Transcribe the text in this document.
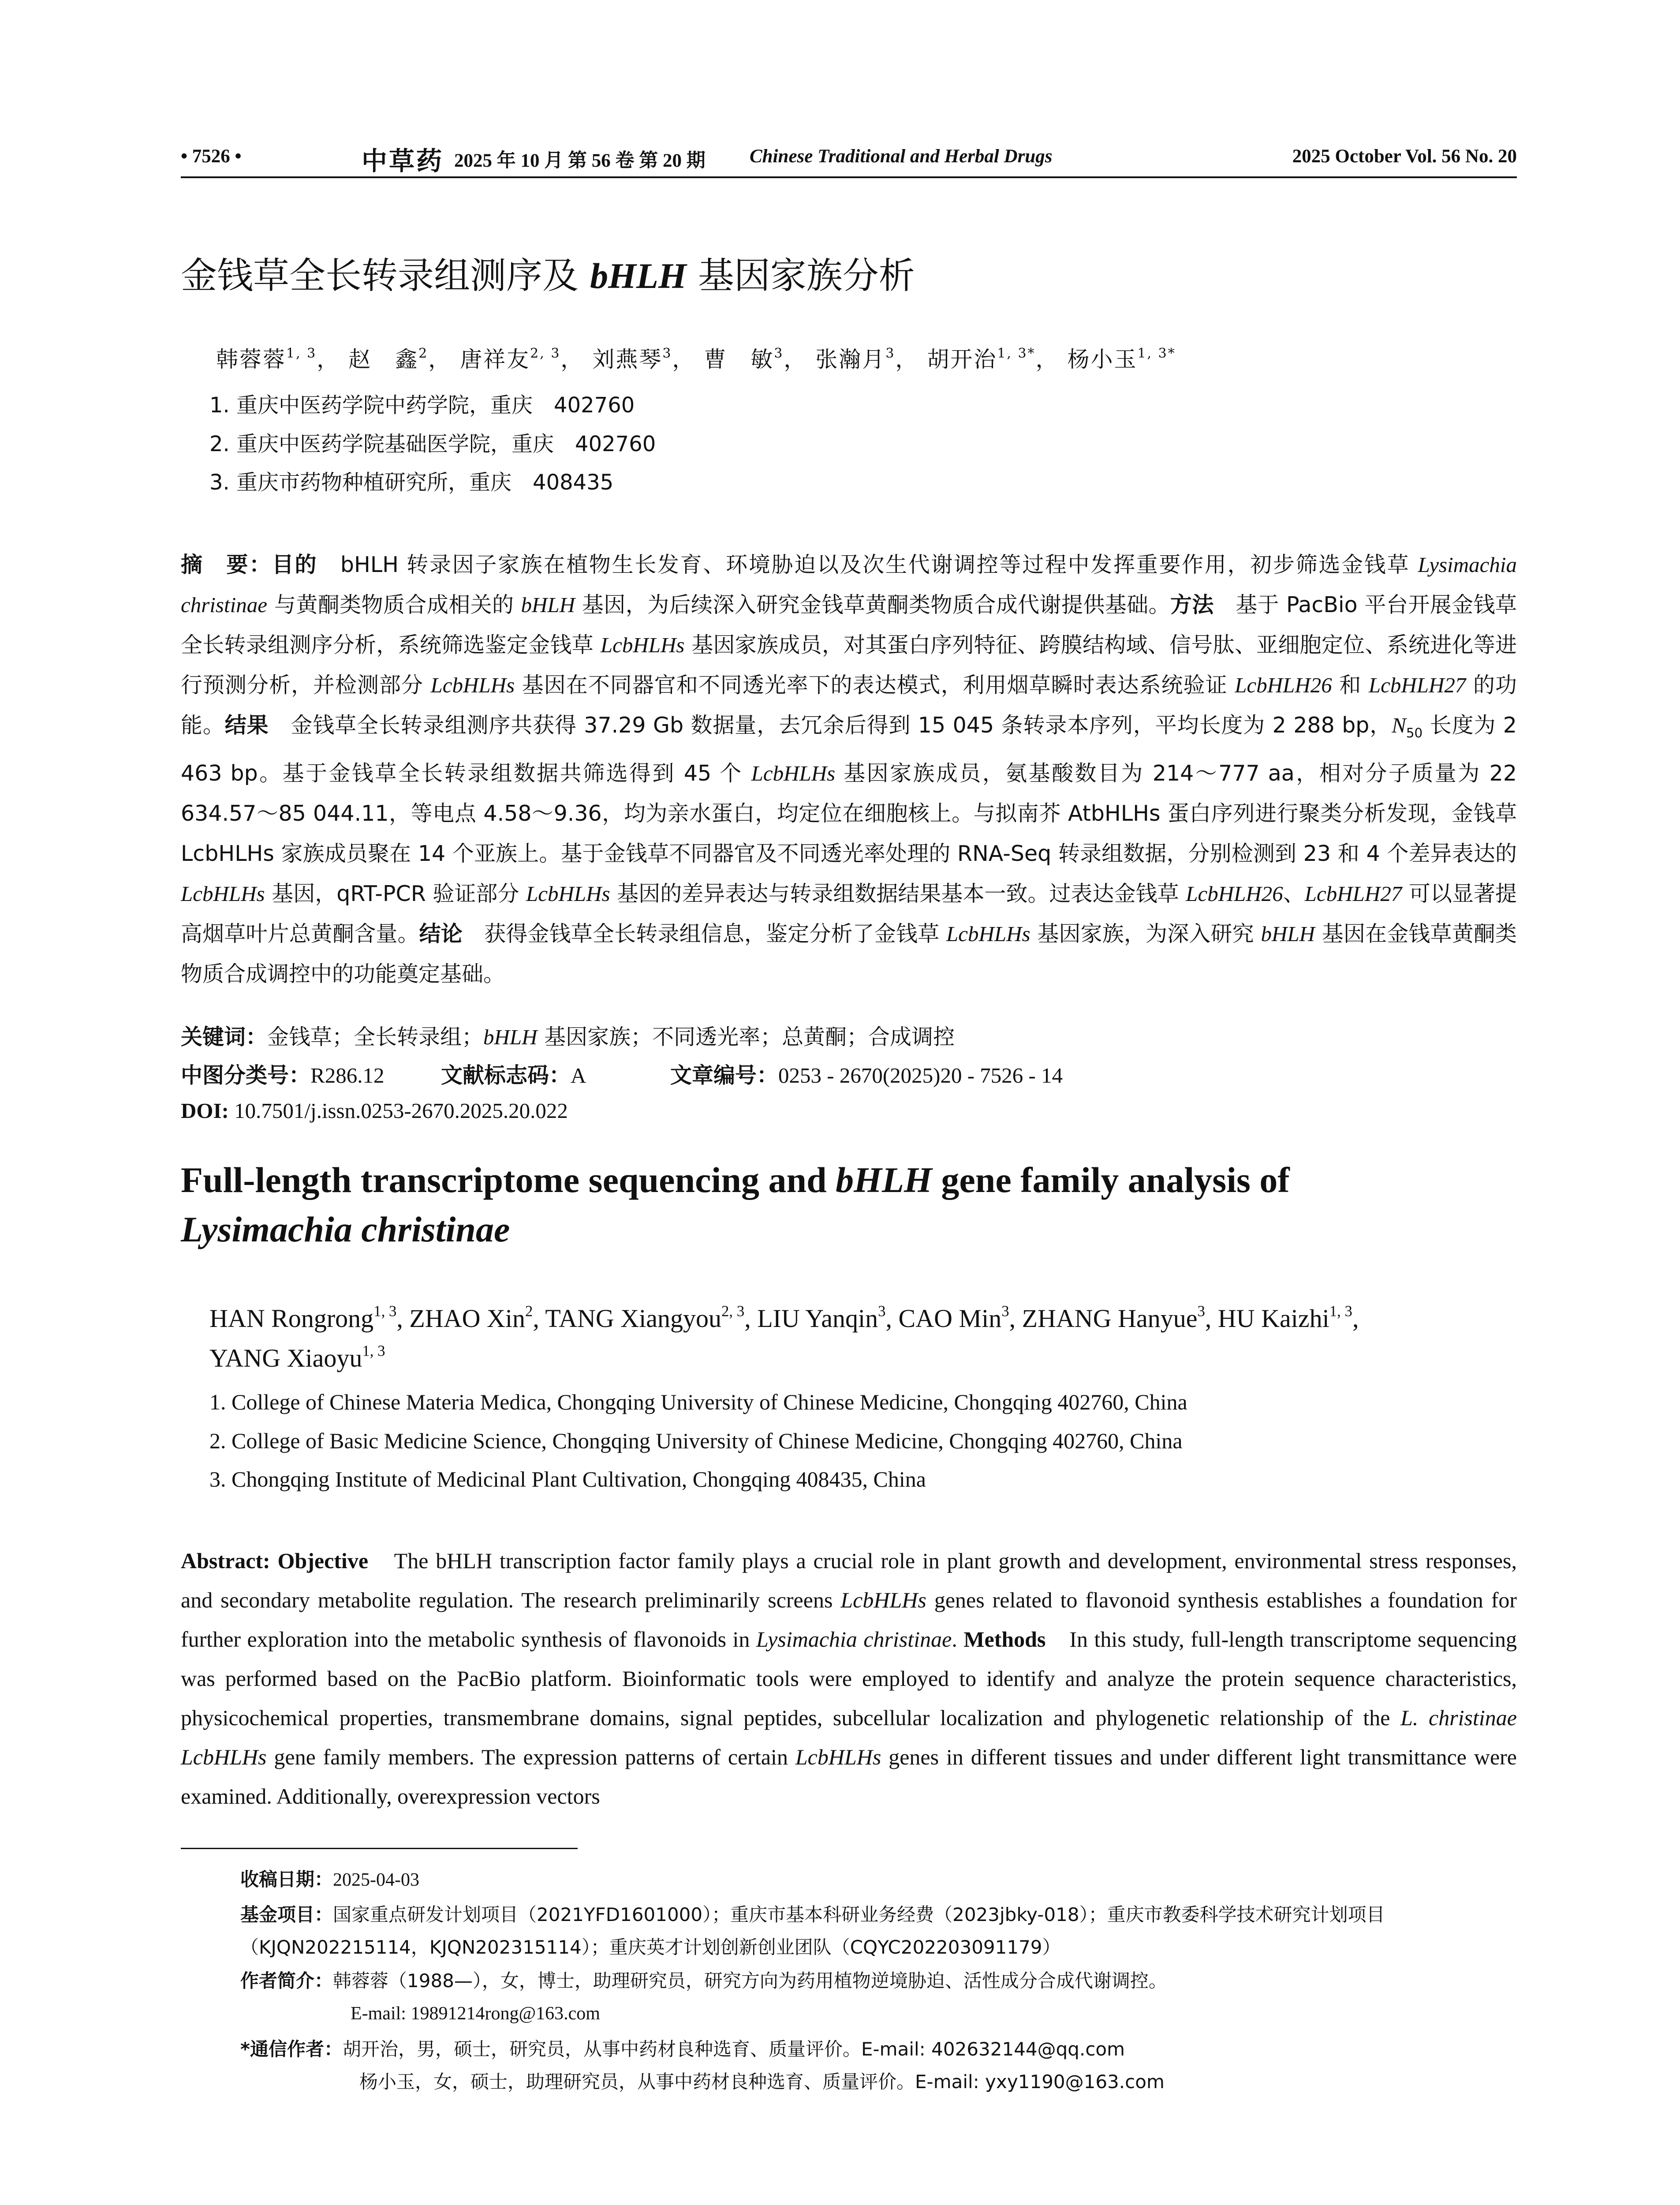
• 7526 •	中草药 2025 年 10 月 第 56 卷 第 20 期 Chinese Traditional and Herbal Drugs	2025 October Vol. 56 No. 20
金钱草全长转录组测序及 bHLH 基因家族分析
韩蓉蓉$^{1, 3}$， 赵　鑫$^2$， 唐祥友$^{2, 3}$， 刘燕琴$^3$， 曹　敏$^3$， 张瀚月$^3$， 胡开治$^{1, 3*}$， 杨小玉$^{1, 3*}$
1. 重庆中医药学院中药学院，重庆　402760
2. 重庆中医药学院基础医学院，重庆　402760
3. 重庆市药物种植研究所，重庆　408435
摘　要：目的　bHLH 转录因子家族在植物生长发育、环境胁迫以及次生代谢调控等过程中发挥重要作用，初步筛选金钱草 Lysimachia christinae 与黄酮类物质合成相关的 bHLH 基因，为后续深入研究金钱草黄酮类物质合成代谢提供基础。方法　基于 PacBio 平台开展金钱草全长转录组测序分析，系统筛选鉴定金钱草 LcbHLHs 基因家族成员，对其蛋白序列特征、跨膜结构域、信号肽、亚细胞定位、系统进化等进行预测分析，并检测部分 LcbHLHs 基因在不同器官和不同透光率下的表达模式，利用烟草瞬时表达系统验证 LcbHLH26 和 LcbHLH27 的功能。结果　金钱草全长转录组测序共获得 37.29 Gb 数据量，去冗余后得到 15 045 条转录本序列，平均长度为 2 288 bp，$N_{50}$ 长度为 2 463 bp。基于金钱草全长转录组数据共筛选得到 45 个 LcbHLHs 基因家族成员，氨基酸数目为 214～777 aa，相对分子质量为 22 634.57～85 044.11，等电点 4.58～9.36，均为亲水蛋白，均定位在细胞核上。与拟南芥 AtbHLHs 蛋白序列进行聚类分析发现，金钱草 LcbHLHs 家族成员聚在 14 个亚族上。基于金钱草不同器官及不同透光率处理的 RNA-Seq 转录组数据，分别检测到 23 和 4 个差异表达的 LcbHLHs 基因，qRT-PCR 验证部分 LcbHLHs 基因的差异表达与转录组数据结果基本一致。过表达金钱草 LcbHLH26、LcbHLH27 可以显著提高烟草叶片总黄酮含量。结论　获得金钱草全长转录组信息，鉴定分析了金钱草 LcbHLHs 基因家族，为深入研究 bHLH 基因在金钱草黄酮类物质合成调控中的功能奠定基础。
关键词：金钱草；全长转录组；bHLH 基因家族；不同透光率；总黄酮；合成调控
中图分类号：R286.12	文献标志码：A	文章编号：0253 - 2670(2025)20 - 7526 - 14
DOI: 10.7501/j.issn.0253-2670.2025.20.022
Full-length transcriptome sequencing and bHLH gene family analysis of
Lysimachia christinae
HAN Rongrong$^{1, 3}$, ZHAO Xin$^2$, TANG Xiangyou$^{2, 3}$, LIU Yanqin$^3$, CAO Min$^3$, ZHANG Hanyue$^3$, HU Kaizhi$^{1, 3}$,
YANG Xiaoyu$^{1, 3}$
1. College of Chinese Materia Medica, Chongqing University of Chinese Medicine, Chongqing 402760, China
2. College of Basic Medicine Science, Chongqing University of Chinese Medicine, Chongqing 402760, China
3. Chongqing Institute of Medicinal Plant Cultivation, Chongqing 408435, China
Abstract: Objective　The bHLH transcription factor family plays a crucial role in plant growth and development, environmental stress responses, and secondary metabolite regulation. The research preliminarily screens LcbHLHs genes related to flavonoid synthesis establishes a foundation for further exploration into the metabolic synthesis of flavonoids in Lysimachia christinae. Methods　In this study, full-length transcriptome sequencing was performed based on the PacBio platform. Bioinformatic tools were employed to identify and analyze the protein sequence characteristics, physicochemical properties, transmembrane domains, signal peptides, subcellular localization and phylogenetic relationship of the L. christinae LcbHLHs gene family members. The expression patterns of certain LcbHLHs genes in different tissues and under different light transmittance were examined. Additionally, overexpression vectors
收稿日期：2025-04-03
基金项目：国家重点研发计划项目（2021YFD1601000）；重庆市基本科研业务经费（2023jbky-018）；重庆市教委科学技术研究计划项目（KJQN202215114，KJQN202315114）；重庆英才计划创新创业团队（CQYC202203091179）
作者简介：韩蓉蓉（1988—），女，博士，助理研究员，研究方向为药用植物逆境胁迫、活性成分合成代谢调控。
E-mail: 19891214rong@163.com
*通信作者：胡开治，男，硕士，研究员，从事中药材良种选育、质量评价。E-mail: 402632144@qq.com
杨小玉，女，硕士，助理研究员，从事中药材良种选育、质量评价。E-mail: yxy1190@163.com
